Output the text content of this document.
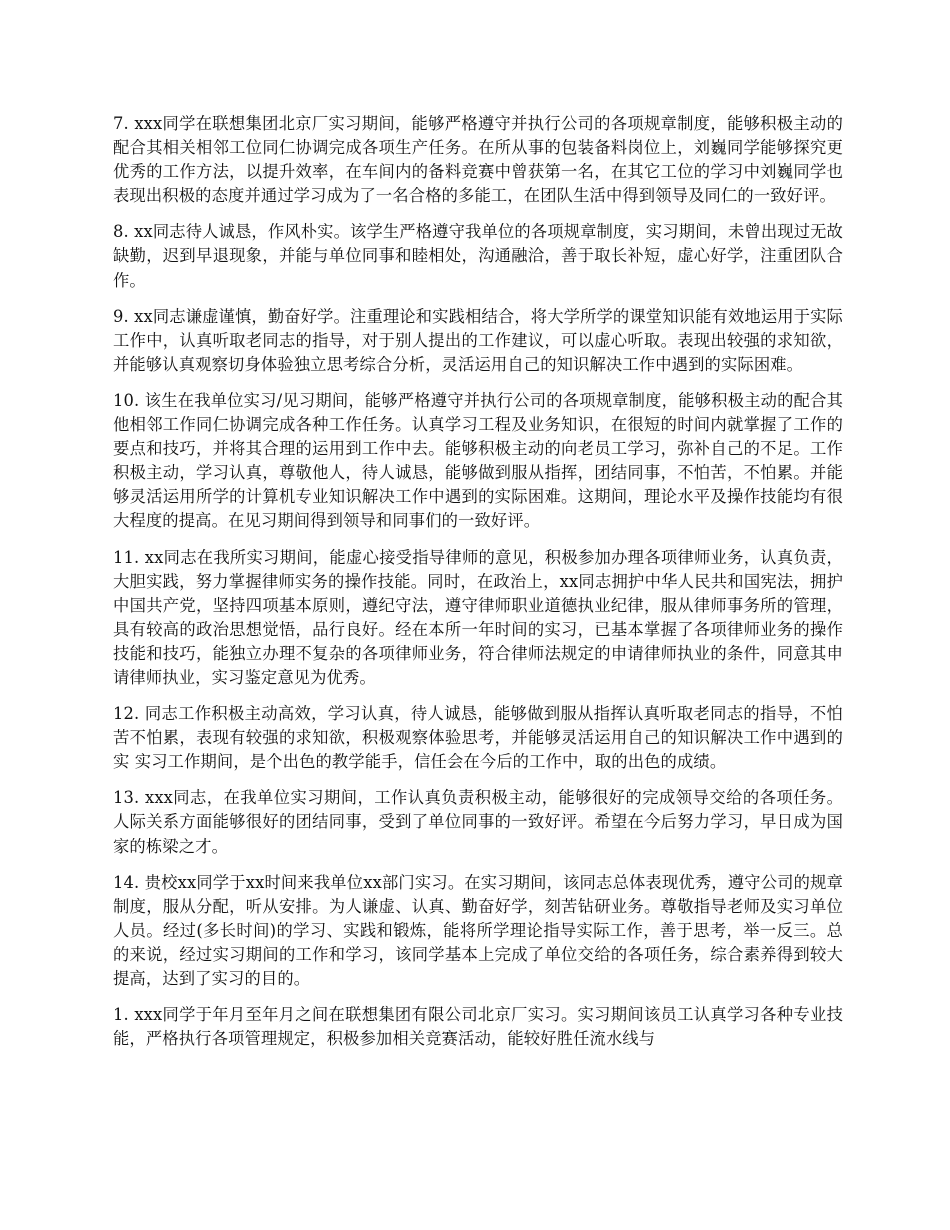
7. xxx同学在联想集团北京厂实习期间，能够严格遵守并执行公司的各项规章制度，能够积极主动的配合其相关相邻工位同仁协调完成各项生产任务。在所从事的包装备料岗位上，刘巍同学能够探究更优秀的工作方法，以提升效率，在车间内的备料竞赛中曾获第一名，在其它工位的学习中刘巍同学也表现出积极的态度并通过学习成为了一名合格的多能工，在团队生活中得到领导及同仁的一致好评。

8. xx同志待人诚恳，作风朴实。该学生严格遵守我单位的各项规章制度，实习期间，未曾出现过无故缺勤，迟到早退现象，并能与单位同事和睦相处，沟通融洽，善于取长补短，虚心好学，注重团队合作。

9. xx同志谦虚谨慎，勤奋好学。注重理论和实践相结合，将大学所学的课堂知识能有效地运用于实际工作中，认真听取老同志的指导，对于别人提出的工作建议，可以虚心听取。表现出较强的求知欲，并能够认真观察切身体验独立思考综合分析，灵活运用自己的知识解决工作中遇到的实际困难。

10. 该生在我单位实习/见习期间，能够严格遵守并执行公司的各项规章制度，能够积极主动的配合其他相邻工作同仁协调完成各种工作任务。认真学习工程及业务知识，在很短的时间内就掌握了工作的要点和技巧，并将其合理的运用到工作中去。能够积极主动的向老员工学习，弥补自己的不足。工作积极主动，学习认真，尊敬他人，待人诚恳，能够做到服从指挥，团结同事，不怕苦，不怕累。并能够灵活运用所学的计算机专业知识解决工作中遇到的实际困难。这期间，理论水平及操作技能均有很大程度的提高。在见习期间得到领导和同事们的一致好评。

11. xx同志在我所实习期间，能虚心接受指导律师的意见，积极参加办理各项律师业务，认真负责，大胆实践，努力掌握律师实务的操作技能。同时，在政治上，xx同志拥护中华人民共和国宪法，拥护中国共产党，坚持四项基本原则，遵纪守法，遵守律师职业道德执业纪律，服从律师事务所的管理，具有较高的政治思想觉悟，品行良好。经在本所一年时间的实习，已基本掌握了各项律师业务的操作技能和技巧，能独立办理不复杂的各项律师业务，符合律师法规定的申请律师执业的条件，同意其申请律师执业，实习鉴定意见为优秀。

12. 同志工作积极主动高效，学习认真，待人诚恳，能够做到服从指挥认真听取老同志的指导，不怕苦不怕累，表现有较强的求知欲，积极观察体验思考，并能够灵活运用自己的知识解决工作中遇到的实 实习工作期间，是个出色的教学能手，信任会在今后的工作中，取的出色的成绩。

13. xxx同志，在我单位实习期间，工作认真负责积极主动，能够很好的完成领导交给的各项任务。人际关系方面能够很好的团结同事，受到了单位同事的一致好评。希望在今后努力学习，早日成为国家的栋梁之才。

14. 贵校xx同学于xx时间来我单位xx部门实习。在实习期间，该同志总体表现优秀，遵守公司的规章制度，服从分配，听从安排。为人谦虚、认真、勤奋好学，刻苦钻研业务。尊敬指导老师及实习单位人员。经过(多长时间)的学习、实践和锻炼，能将所学理论指导实际工作，善于思考，举一反三。总的来说，经过实习期间的工作和学习，该同学基本上完成了单位交给的各项任务，综合素养得到较大提高，达到了实习的目的。

1. xxx同学于年月至年月之间在联想集团有限公司北京厂实习。实习期间该员工认真学习各种专业技能，严格执行各项管理规定，积极参加相关竞赛活动，能较好胜任流水线与
